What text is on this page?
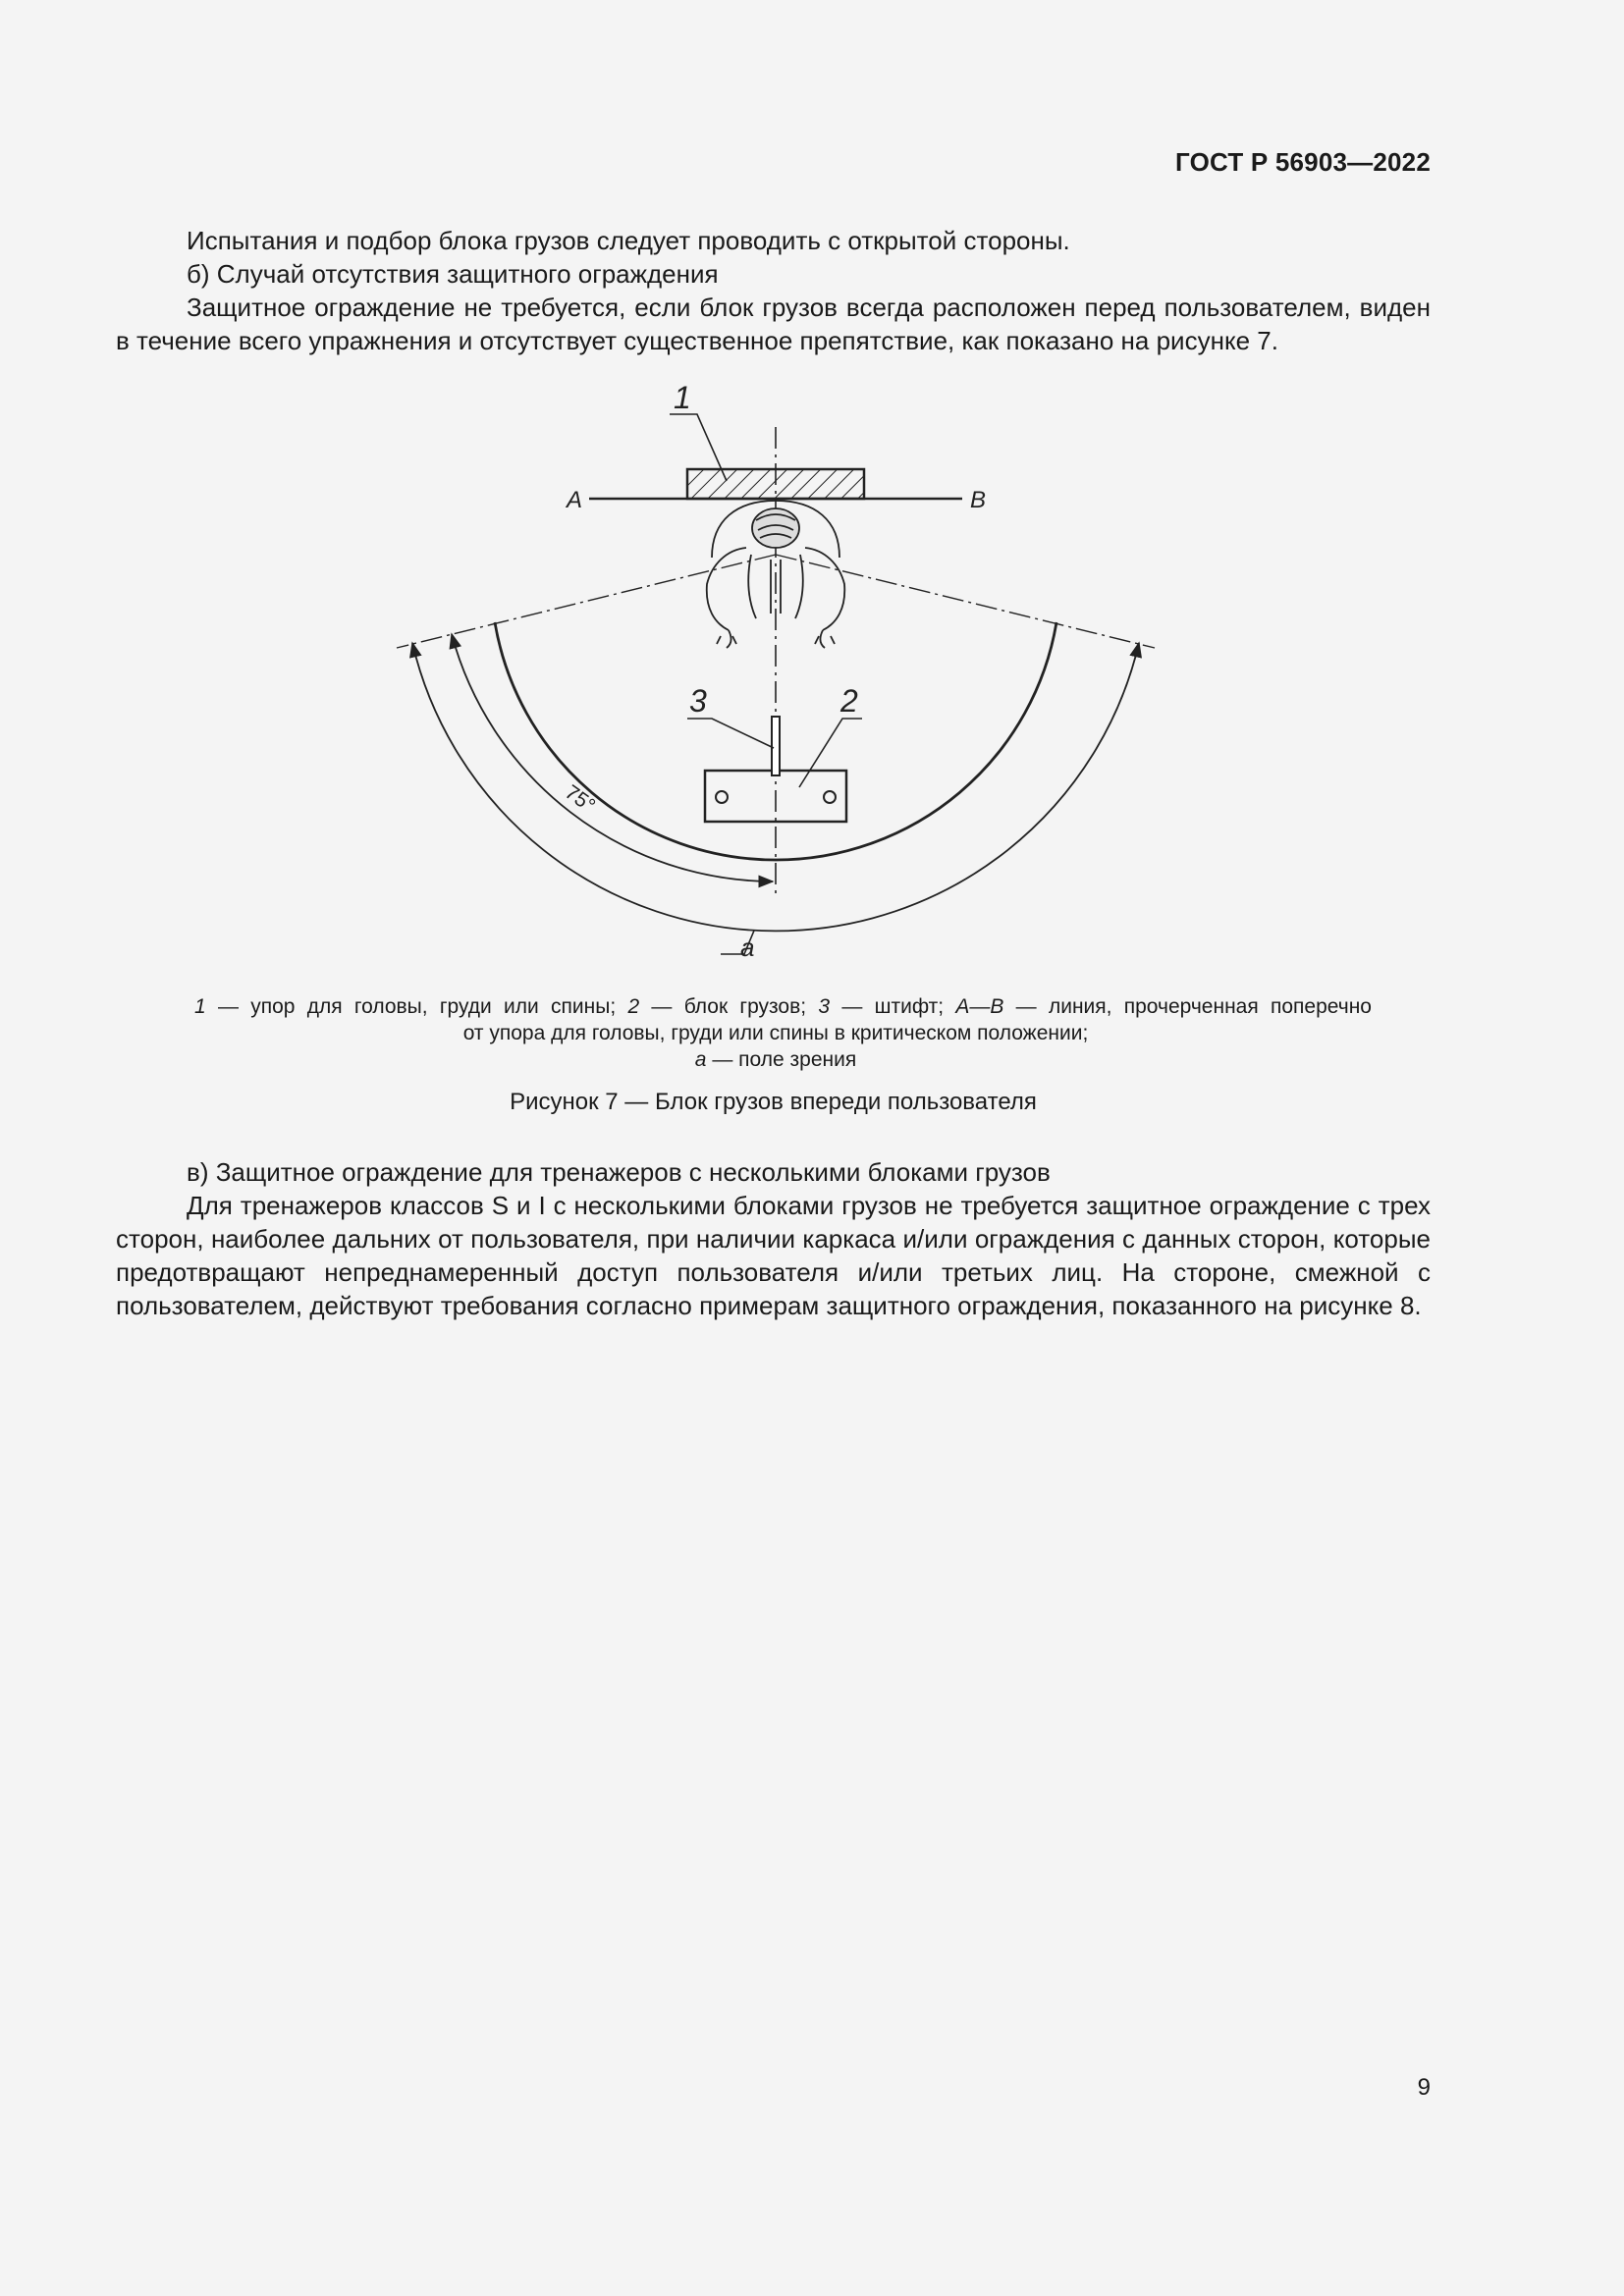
ГОСТ Р 56903—2022
Испытания и подбор блока грузов следует проводить с открытой стороны.
б) Случай отсутствия защитного ограждения
Защитное ограждение не требуется, если блок грузов всегда расположен перед пользователем, виден в течение всего упражнения и отсутствует существенное препятствие, как показано на рисунке 7.
1
3	2
A	B
a
75°

1 — упор для головы, груди или спины; 2 — блок грузов; 3 — штифт; A—B — линия, прочерченная поперечно

от упора для головы, груди или спины в критическом положении;

a — поле зрения

Рисунок 7 — Блок грузов впереди пользователя
в) Защитное ограждение для тренажеров с несколькими блоками грузов
Для тренажеров классов S и I с несколькими блоками грузов не требуется защитное ограждение с трех сторон, наиболее дальних от пользователя, при наличии каркаса и/или ограждения с данных сторон, которые предотвращают непреднамеренный доступ пользователя и/или третьих лиц. На стороне, смежной с пользователем, действуют требования согласно примерам защитного ограждения, показанного на рисунке 8.
9
